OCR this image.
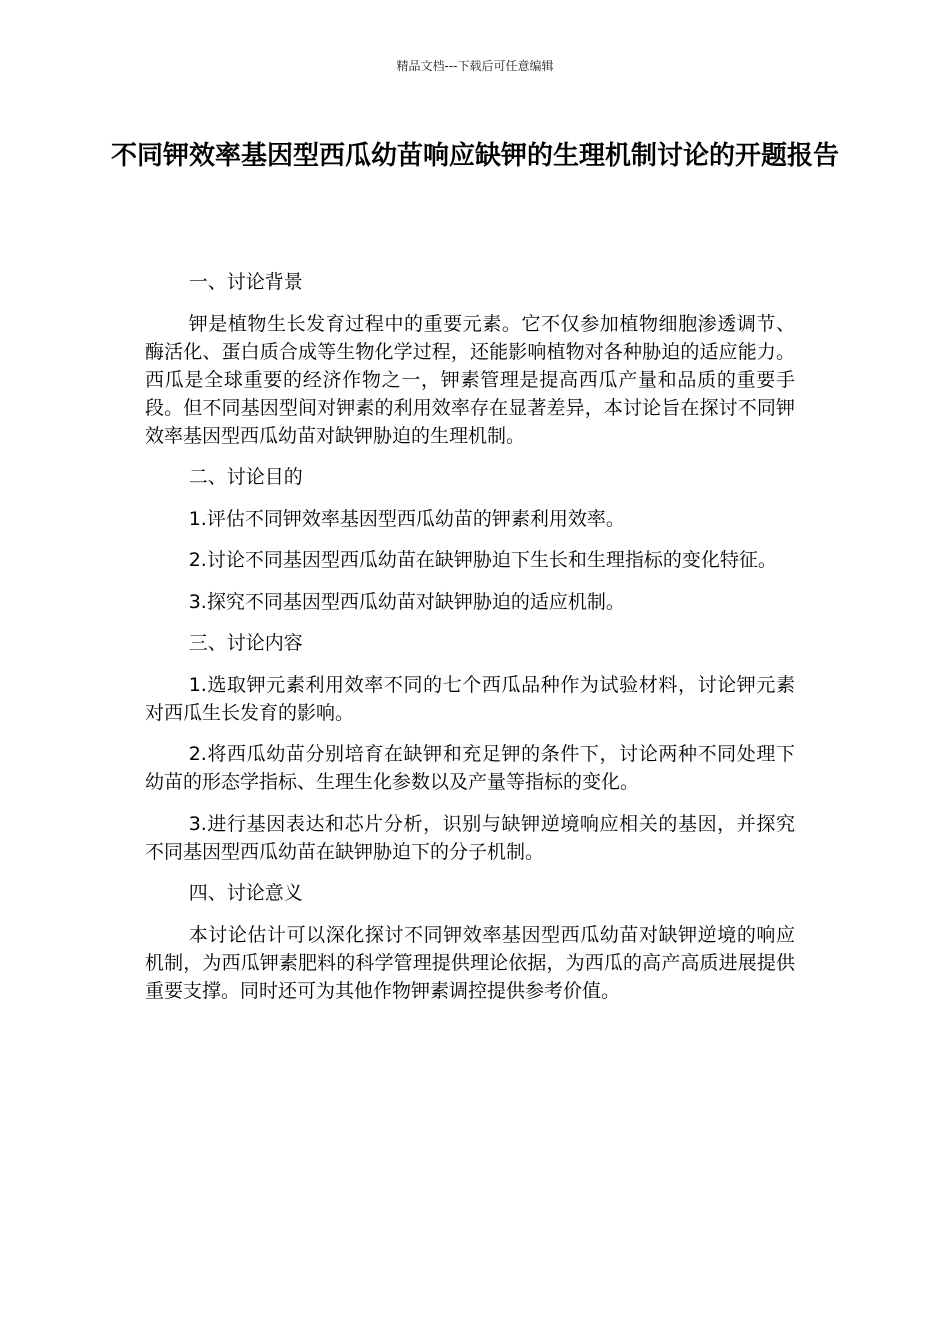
精品文档---下载后可任意编辑
不同钾效率基因型西瓜幼苗响应缺钾的生理机制讨论的开题报告

一、讨论背景

钾是植物生长发育过程中的重要元素。它不仅参加植物细胞渗透调节、酶活化、蛋白质合成等生物化学过程，还能影响植物对各种胁迫的适应能力。西瓜是全球重要的经济作物之一，钾素管理是提高西瓜产量和品质的重要手段。但不同基因型间对钾素的利用效率存在显著差异，本讨论旨在探讨不同钾效率基因型西瓜幼苗对缺钾胁迫的生理机制。

二、讨论目的

1.评估不同钾效率基因型西瓜幼苗的钾素利用效率。

2.讨论不同基因型西瓜幼苗在缺钾胁迫下生长和生理指标的变化特征。

3.探究不同基因型西瓜幼苗对缺钾胁迫的适应机制。

三、讨论内容

1.选取钾元素利用效率不同的七个西瓜品种作为试验材料，讨论钾元素对西瓜生长发育的影响。

2.将西瓜幼苗分别培育在缺钾和充足钾的条件下，讨论两种不同处理下幼苗的形态学指标、生理生化参数以及产量等指标的变化。

3.进行基因表达和芯片分析，识别与缺钾逆境响应相关的基因，并探究不同基因型西瓜幼苗在缺钾胁迫下的分子机制。

四、讨论意义

本讨论估计可以深化探讨不同钾效率基因型西瓜幼苗对缺钾逆境的响应机制，为西瓜钾素肥料的科学管理提供理论依据，为西瓜的高产高质进展提供重要支撑。同时还可为其他作物钾素调控提供参考价值。
